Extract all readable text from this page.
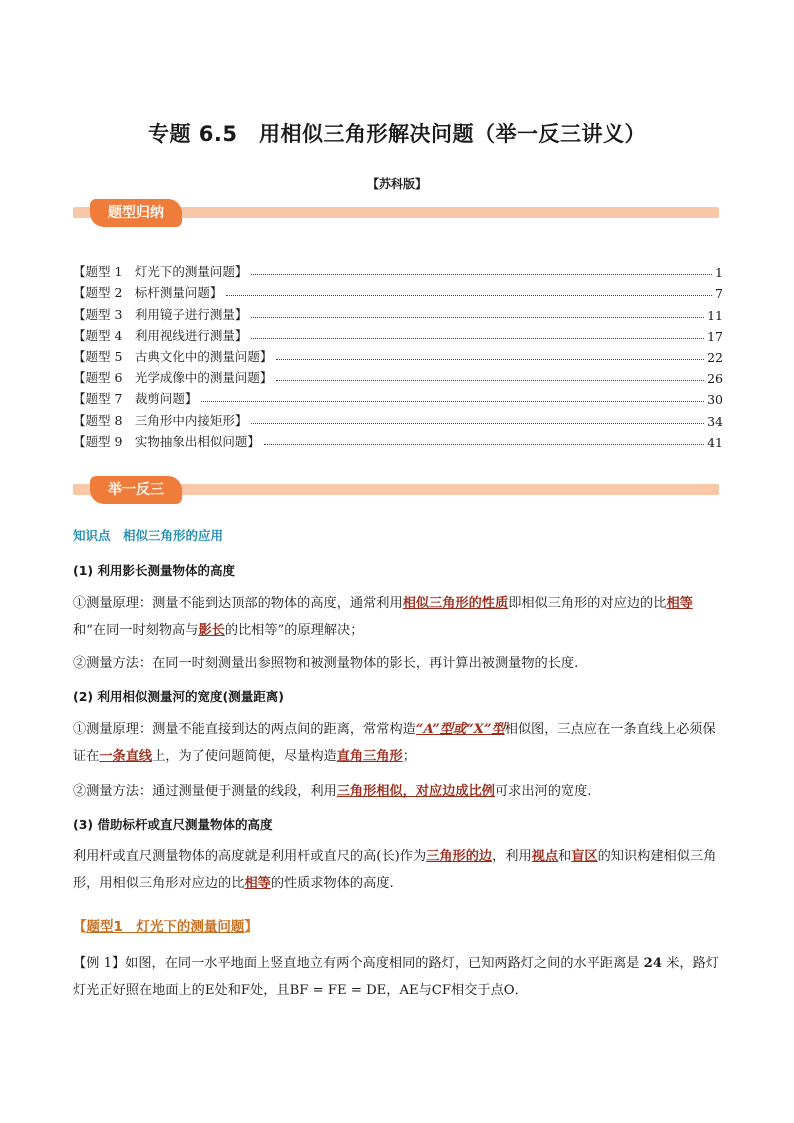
专题 6.5　用相似三角形解决问题（举一反三讲义）
【苏科版】
题型归纳
【题型 1　灯光下的测量问题】	1
【题型 2　标杆测量问题】	7
【题型 3　利用镜子进行测量】	11
【题型 4　利用视线进行测量】	17
【题型 5　古典文化中的测量问题】	22
【题型 6　光学成像中的测量问题】	26
【题型 7　裁剪问题】	30
【题型 8　三角形中内接矩形】	34
【题型 9　实物抽象出相似问题】	41
举一反三
知识点　相似三角形的应用
(1) 利用影长测量物体的高度
①测量原理：测量不能到达顶部的物体的高度，通常利用相似三角形的性质即相似三角形的对应边的比相等和“在同一时刻物高与影长的比相等”的原理解决；
②测量方法：在同一时刻测量出参照物和被测量物体的影长，再计算出被测量物的长度.
(2) 利用相似测量河的宽度(测量距离)
①测量原理：测量不能直接到达的两点间的距离，常常构造“A”型或“X”型相似图，三点应在一条直线上必须保证在一条直线上，为了使问题简便，尽量构造直角三角形；
②测量方法：通过测量便于测量的线段，利用三角形相似，对应边成比例可求出河的宽度.
(3) 借助标杆或直尺测量物体的高度
利用杆或直尺测量物体的高度就是利用杆或直尺的高(长)作为三角形的边，利用视点和盲区的知识构建相似三角形，用相似三角形对应边的比相等的性质求物体的高度.
【题型1　灯光下的测量问题】
【例 1】如图，在同一水平地面上竖直地立有两个高度相同的路灯，已知两路灯之间的水平距离是 24 米，路灯灯光正好照在地面上的E处和F处，且BF = FE = DE，AE与CF相交于点O．
